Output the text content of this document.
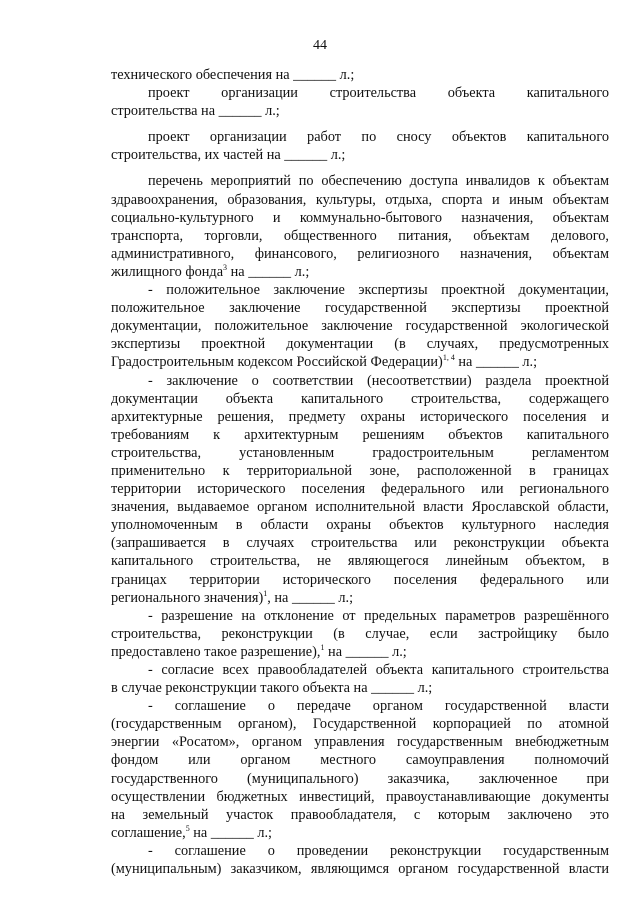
44
технического обеспечения на ______ л.;
проект организации строительства объекта капитального
строительства на ______ л.;
проект организации работ по сносу объектов капитального
строительства, их частей на ______ л.;
перечень мероприятий по обеспечению доступа инвалидов к объектам
здравоохранения, образования, культуры, отдыха, спорта и иным объектам
социально-культурного и коммунально-бытового назначения, объектам
транспорта, торговли, общественного питания, объектам делового,
административного, финансового, религиозного назначения, объектам
жилищного фонда$^3$ на ______ л.;
- положительное заключение экспертизы проектной документации,
положительное заключение государственной экспертизы проектной
документации, положительное заключение государственной экологической
экспертизы проектной документации (в случаях, предусмотренных
Градостроительным кодексом Российской Федерации)$^{1, 4}$ на ______ л.;
- заключение о соответствии (несоответствии) раздела проектной
документации объекта капитального строительства, содержащего
архитектурные решения, предмету охраны исторического поселения и
требованиям к архитектурным решениям объектов капитального
строительства, установленным градостроительным регламентом
применительно к территориальной зоне, расположенной в границах
территории исторического поселения федерального или регионального
значения, выдаваемое органом исполнительной власти Ярославской области,
уполномоченным в области охраны объектов культурного наследия
(запрашивается в случаях строительства или реконструкции объекта
капитального строительства, не являющегося линейным объектом, в
границах территории исторического поселения федерального или
регионального значения)$^1$, на ______ л.;
- разрешение на отклонение от предельных параметров разрешённого
строительства, реконструкции (в случае, если застройщику было
предоставлено такое разрешение),$^1$ на ______ л.;
- согласие всех правообладателей объекта капитального строительства
в случае реконструкции такого объекта на ______ л.;
- соглашение о передаче органом государственной власти
(государственным органом), Государственной корпорацией по атомной
энергии «Росатом», органом управления государственным внебюджетным
фондом или органом местного самоуправления полномочий
государственного (муниципального) заказчика, заключенное при
осуществлении бюджетных инвестиций, правоустанавливающие документы
на земельный участок правообладателя, с которым заключено это
соглашение,$^5$ на ______ л.;
- соглашение о проведении реконструкции государственным
(муниципальным) заказчиком, являющимся органом государственной власти
